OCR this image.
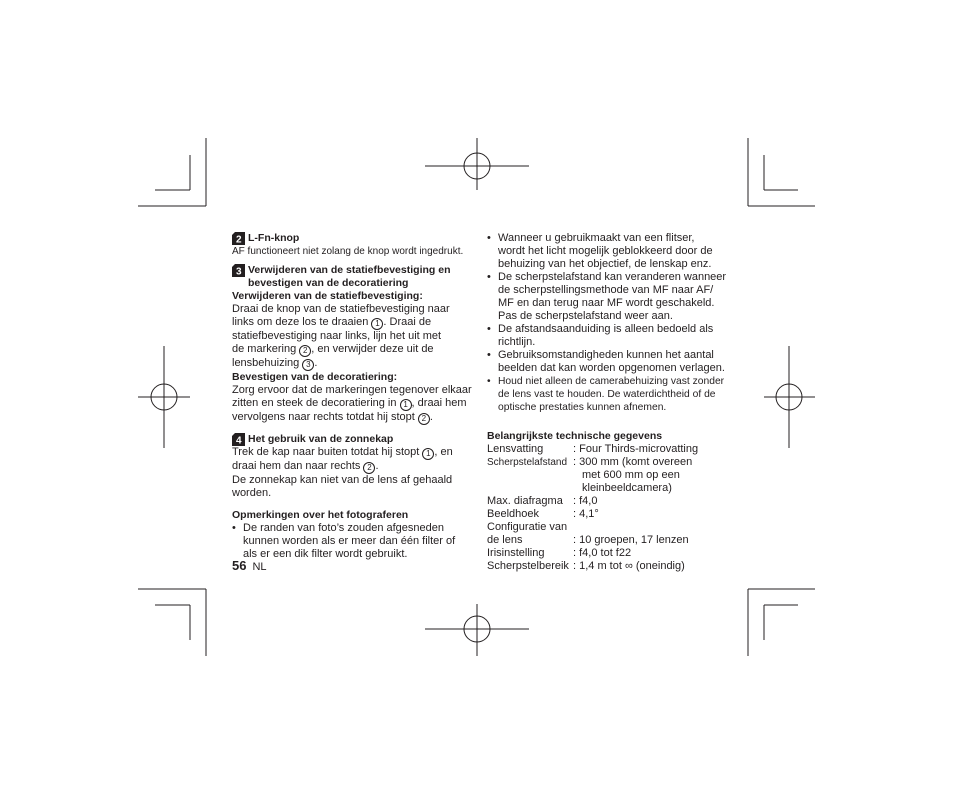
2 L-Fn-knop

AF functioneert niet zolang de knop wordt ingedrukt.

3 Verwijderen van de statiefbevestiging en
bevestigen van de decoratiering

Verwijderen van de statiefbevestiging:

Draai de knop van de statiefbevestiging naar
links om deze los te draaien 1 . Draai de
statiefbevestiging naar links, lijn het uit met
de markering 2 , en verwijder deze uit de
lensbehuizing 3 .

Bevestigen van de decoratiering:

Zorg ervoor dat de markeringen tegenover elkaar
zitten en steek de decoratiering in 1 , draai hem
vervolgens naar rechts totdat hij stopt 2 .

4 Het gebruik van de zonnekap

Trek de kap naar buiten totdat hij stopt 1 , en
draai hem dan naar rechts 2 .
De zonnekap kan niet van de lens af gehaald
worden.

Opmerkingen over het fotograferen

• De randen van foto’s zouden afgesneden
kunnen worden als er meer dan één filter of
als er een dik filter wordt gebruikt.
56 NL
• Wanneer u gebruikmaakt van een flitser,
wordt het licht mogelijk geblokkeerd door de
behuizing van het objectief, de lenskap enz.
• De scherpstelafstand kan veranderen wanneer
de scherpstellingsmethode van MF naar AF/
MF en dan terug naar MF wordt geschakeld.
Pas de scherpstelafstand weer aan.
• De afstandsaanduiding is alleen bedoeld als
richtlijn.
• Gebruiksomstandigheden kunnen het aantal
beelden dat kan worden opgenomen verlagen.
• Houd niet alleen de camerabehuizing vast zonder
de lens vast te houden. De waterdichtheid of de
optische prestaties kunnen afnemen.

Belangrijkste technische gegevens

Lensvatting	: Four Thirds-microvatting
Scherpstelafstand	: 300 mm (komt overeen
met 600 mm op een
kleinbeeldcamera)
Max. diafragma	: f4,0
Beeldhoek	: 4,1°
Configuratie van	
de lens	: 10 groepen, 17 lenzen
Irisinstelling	: f4,0 tot f22
Scherpstelbereik	: 1,4 m tot ∞ (oneindig)
